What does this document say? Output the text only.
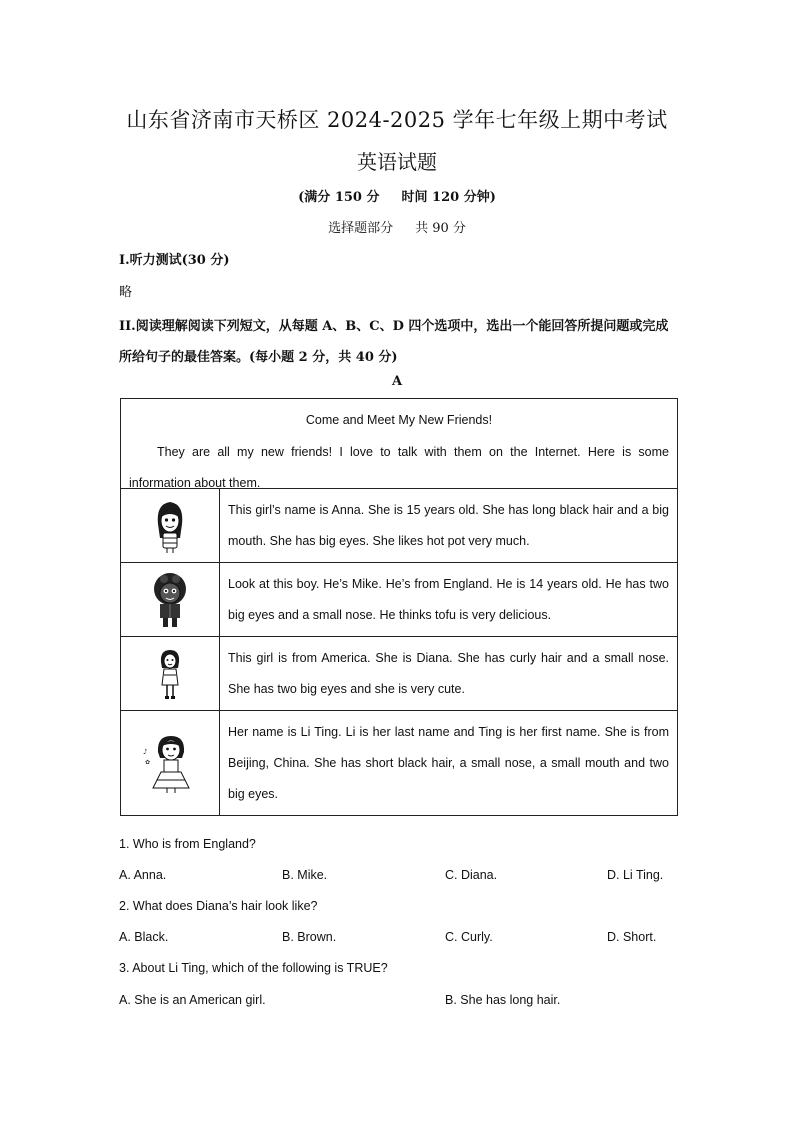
山东省济南市天桥区 2024-2025 学年七年级上期中考试
英语试题
(满分 150 分 时间 120 分钟)
选择题部分 共 90 分
I.听力测试(30 分)
略
II.阅读理解阅读下列短文，从每题 A、B、C、D 四个选项中，选出一个能回答所提问题或完成所给句子的最佳答案。(每小题 2 分，共 40 分)
A
Come and Meet My New Friends!
They are all my new friends! I love to talk with them on the Internet. Here is some information about them.
This girl’s name is Anna. She is 15 years old. She has long black hair and a big mouth. She has big eyes. She likes hot pot very much.
Look at this boy. He’s Mike. He’s from England. He is 14 years old. He has two big eyes and a small nose. He thinks tofu is very delicious.
This girl is from America. She is Diana. She has curly hair and a small nose. She has two big eyes and she is very cute.
♪
✿
Her name is Li Ting. Li is her last name and Ting is her first name. She is from Beijing, China. She has short black hair, a small nose, a small mouth and two big eyes.
1. Who is from England?
A. Anna.	B. Mike.	C. Diana.	D. Li Ting.
2. What does Diana’s hair look like?
A. Black.	B. Brown.	C. Curly.	D. Short.
3. About Li Ting, which of the following is TRUE?
A. She is an American girl.	B. She has long hair.
